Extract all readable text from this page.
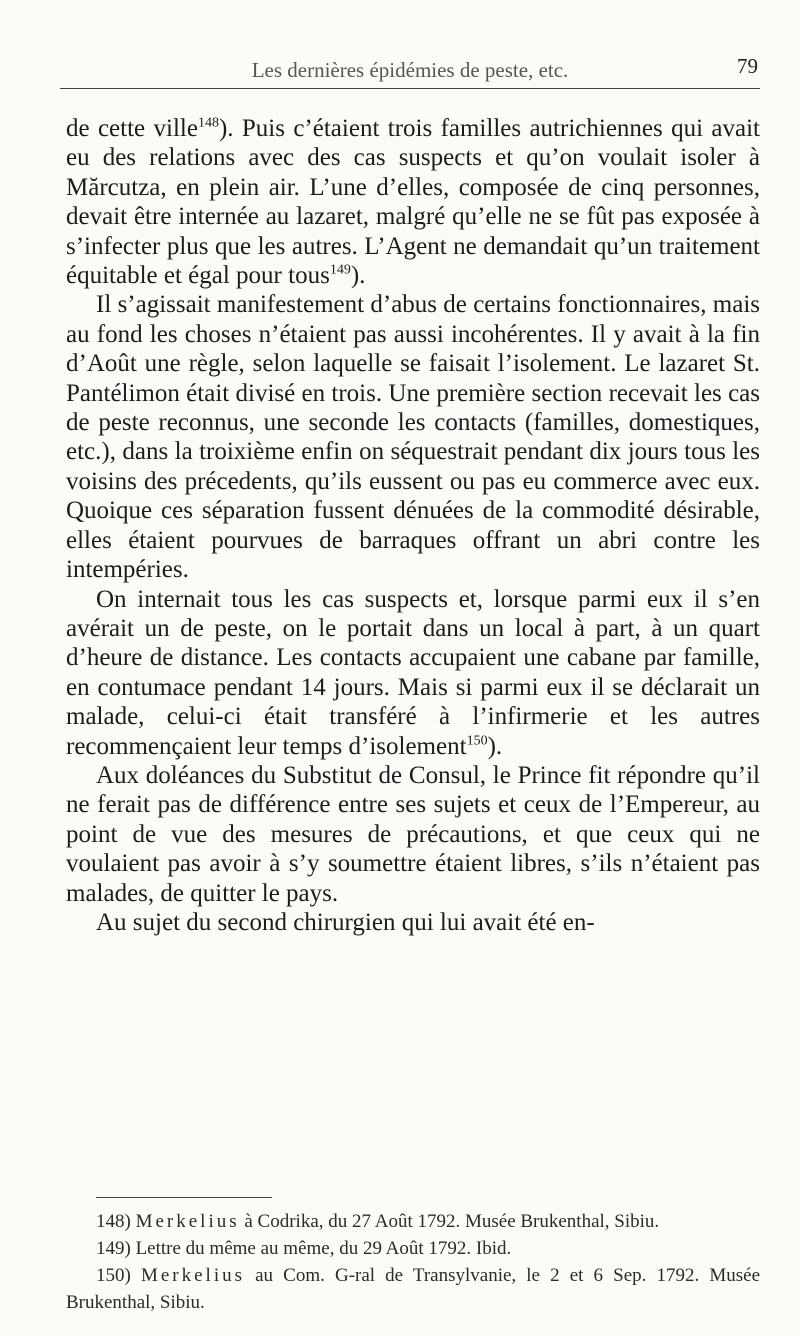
Les dernières épidémies de peste, etc.	79

de cette ville$^{148}$). Puis c’étaient trois familles autrichiennes qui avait eu des relations avec des cas suspects et qu’on voulait isoler à Mărcutza, en plein air. L’une d’elles, composée de cinq personnes, devait être internée au lazaret, malgré qu’elle ne se fût pas exposée à s’infecter plus que les autres. L’Agent ne demandait qu’un traitement équitable et égal pour tous$^{149}$).

Il s’agissait manifestement d’abus de certains fonctionnaires, mais au fond les choses n’étaient pas aussi incohérentes. Il y avait à la fin d’Août une règle, selon laquelle se faisait l’isolement. Le lazaret St. Pantélimon était divisé en trois. Une première section recevait les cas de peste reconnus, une seconde les contacts (familles, domestiques, etc.), dans la troixième enfin on séquestrait pendant dix jours tous les voisins des précedents, qu’ils eussent ou pas eu commerce avec eux. Quoique ces séparation fussent dénuées de la commodité désirable, elles étaient pourvues de barraques offrant un abri contre les intempéries.

On internait tous les cas suspects et, lorsque parmi eux il s’en avérait un de peste, on le portait dans un local à part, à un quart d’heure de distance. Les contacts accupaient une cabane par famille, en contumace pendant 14 jours. Mais si parmi eux il se déclarait un malade, celui-ci était transféré à l’infirmerie et les autres recommençaient leur temps d’isolement$^{150}$).

Aux doléances du Substitut de Consul, le Prince fit répondre qu’il ne ferait pas de différence entre ses sujets et ceux de l’Empereur, au point de vue des mesures de précautions, et que ceux qui ne voulaient pas avoir à s’y soumettre étaient libres, s’ils n’étaient pas malades, de quitter le pays.

Au sujet du second chirurgien qui lui avait été en-

148) Merkelius à Codrika, du 27 Août 1792. Musée Brukenthal, Sibiu.

149) Lettre du même au même, du 29 Août 1792. Ibid.

150) Merkelius au Com. G-ral de Transylvanie, le 2 et 6 Sep. 1792. Musée Brukenthal, Sibiu.
